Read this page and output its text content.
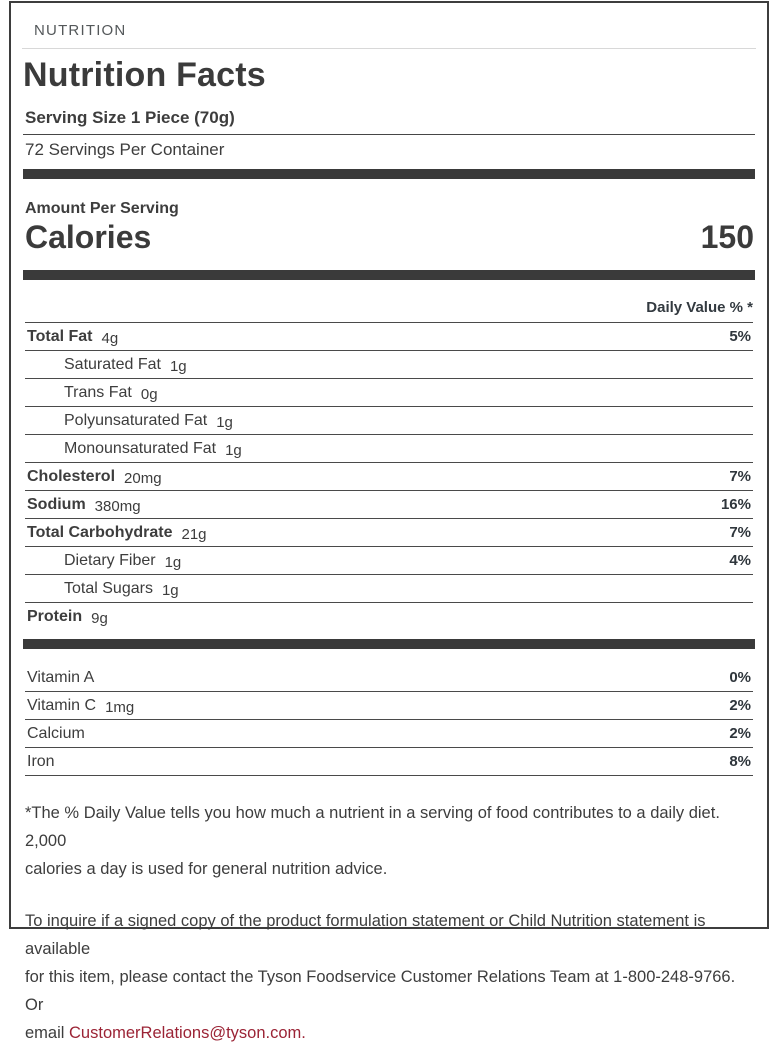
NUTRITION
Nutrition Facts
Serving Size 1 Piece (70g)
72 Servings Per Container
Amount Per Serving
Calories	150
Daily Value % *
Total Fat 4g	5%
Saturated Fat 1g
Trans Fat 0g
Polyunsaturated Fat 1g
Monounsaturated Fat 1g
Cholesterol 20mg	7%
Sodium 380mg	16%
Total Carbohydrate 21g	7%
Dietary Fiber 1g	4%
Total Sugars 1g
Protein 9g
Vitamin A	0%
Vitamin C 1mg	2%
Calcium	2%
Iron	8%
*The % Daily Value tells you how much a nutrient in a serving of food contributes to a daily diet. 2,000
calories a day is used for general nutrition advice.
To inquire if a signed copy of the product formulation statement or Child Nutrition statement is available
for this item, please contact the Tyson Foodservice Customer Relations Team at 1-800-248-9766. Or
email CustomerRelations@tyson.com.
